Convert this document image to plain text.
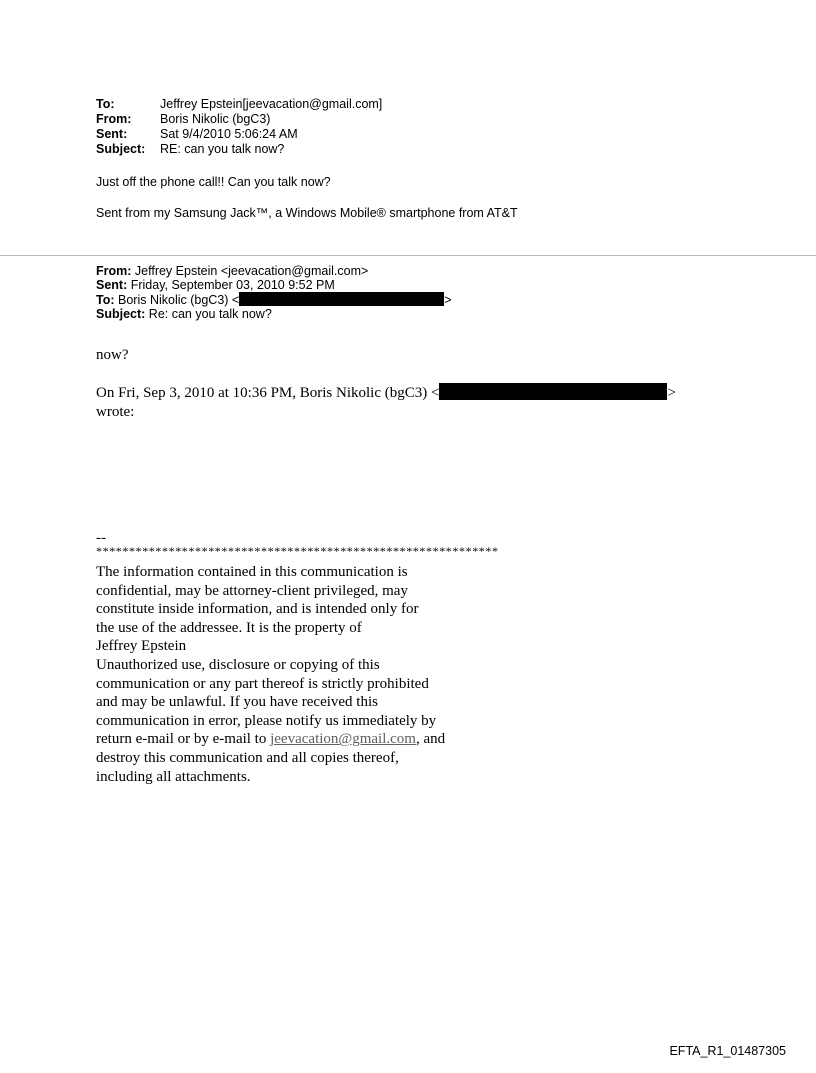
To:	Jeffrey Epstein[jeevacation@gmail.com]
From:	Boris Nikolic (bgC3)
Sent:	Sat 9/4/2010 5:06:24 AM
Subject:	RE: can you talk now?
Just off the phone call!! Can you talk now?
Sent from my Samsung Jack™, a Windows Mobile® smartphone from AT&T
From: Jeffrey Epstein <jeevacation@gmail.com>
Sent: Friday, September 03, 2010 9:52 PM
To: Boris Nikolic (bgC3) <	>
Subject: Re: can you talk now?
now?
On Fri, Sep 3, 2010 at 10:36 PM, Boris Nikolic (bgC3) <	>
wrote:
--
*************************************************************
The information contained in this communication is
confidential, may be attorney-client privileged, may
constitute inside information, and is intended only for
the use of the addressee. It is the property of
Jeffrey Epstein
Unauthorized use, disclosure or copying of this
communication or any part thereof is strictly prohibited
and may be unlawful. If you have received this
communication in error, please notify us immediately by
return e-mail or by e-mail to jeevacation@gmail.com, and
destroy this communication and all copies thereof,
including all attachments.
EFTA_R1_01487305
